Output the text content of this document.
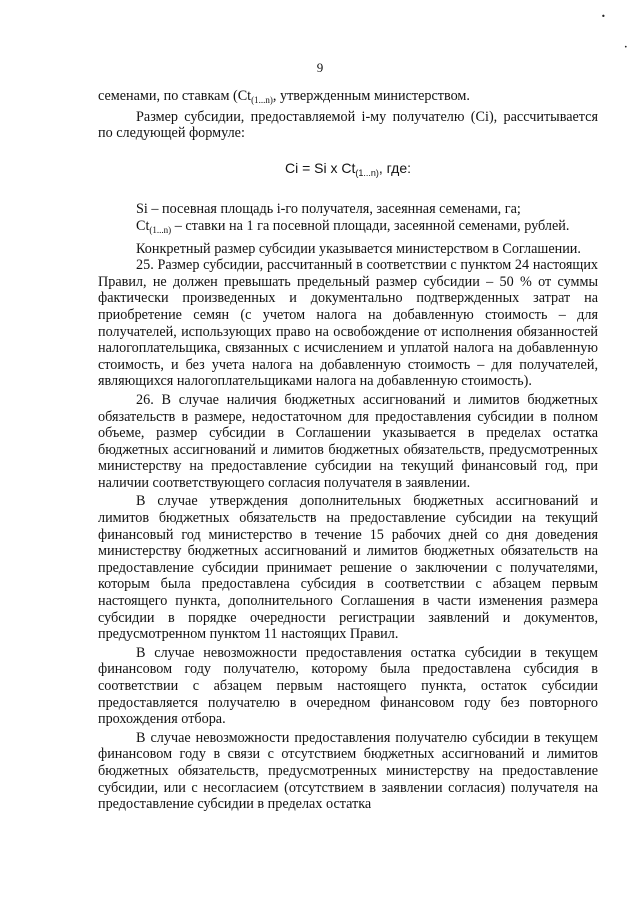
•
•
9

семенами, по ставкам ($Ct_{(1...n)}$, утвержденным министерством.

Размер субсидии, предоставляемой i-му получателю (Ci), рассчитывается по следующей формуле:

Ci = Si x $Ct_{(1...n)}$, где:

Si – посевная площадь i-го получателя, засеянная семенами, га;

$Ct_{(1...n)}$ – ставки на 1 га посевной площади, засеянной семенами, рублей.

Конкретный размер субсидии указывается министерством в Соглашении.

25. Размер субсидии, рассчитанный в соответствии с пунктом 24 настоящих Правил, не должен превышать предельный размер субсидии – 50 % от суммы фактически произведенных и документально подтвержденных затрат на приобретение семян (с учетом налога на добавленную стоимость – для получателей, использующих право на освобождение от исполнения обязанностей налогоплательщика, связанных с исчислением и уплатой налога на добавленную стоимость, и без учета налога на добавленную стоимость – для получателей, являющихся налогоплательщиками налога на добавленную стоимость).

26. В случае наличия бюджетных ассигнований и лимитов бюджетных обязательств в размере, недостаточном для предоставления субсидии в полном объеме, размер субсидии в Соглашении указывается в пределах остатка бюджетных ассигнований и лимитов бюджетных обязательств, предусмотренных министерству на предоставление субсидии на текущий финансовый год, при наличии соответствующего согласия получателя в заявлении.

В случае утверждения дополнительных бюджетных ассигнований и лимитов бюджетных обязательств на предоставление субсидии на текущий финансовый год министерство в течение 15 рабочих дней со дня доведения министерству бюджетных ассигнований и лимитов бюджетных обязательств на предоставление субсидии принимает решение о заключении с получателями, которым была предоставлена субсидия в соответствии с абзацем первым настоящего пункта, дополнительного Соглашения в части изменения размера субсидии в порядке очередности регистрации заявлений и документов, предусмотренном пунктом 11 настоящих Правил.

В случае невозможности предоставления остатка субсидии в текущем финансовом году получателю, которому была предоставлена субсидия в соответствии с абзацем первым настоящего пункта, остаток субсидии предоставляется получателю в очередном финансовом году без повторного прохождения отбора.

В случае невозможности предоставления получателю субсидии в текущем финансовом году в связи с отсутствием бюджетных ассигнований и лимитов бюджетных обязательств, предусмотренных министерству на предоставление субсидии, или с несогласием (отсутствием в заявлении согласия) получателя на предоставление субсидии в пределах остатка
